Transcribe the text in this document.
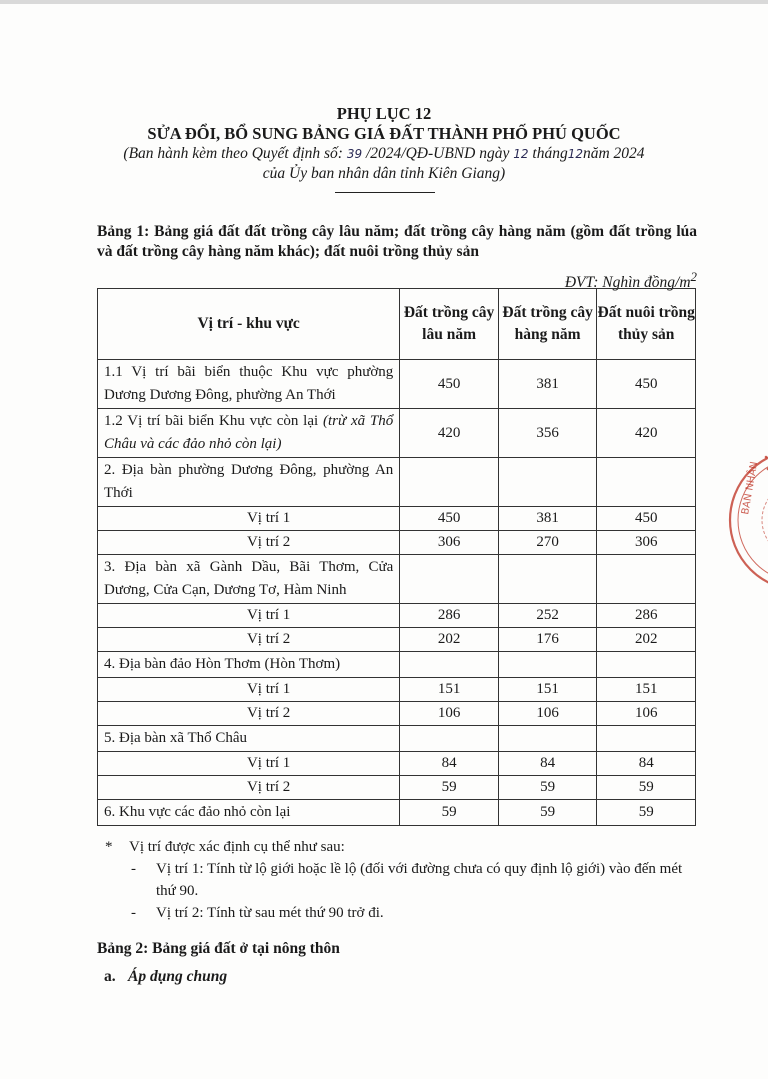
PHỤ LỤC 12
SỬA ĐỔI, BỔ SUNG BẢNG GIÁ ĐẤT THÀNH PHỐ PHÚ QUỐC
(Ban hành kèm theo Quyết định số: 39 /2024/QĐ-UBND ngày 12 tháng12năm 2024
của Ủy ban nhân dân tỉnh Kiên Giang)
Bảng 1: Bảng giá đất đất trồng cây lâu năm; đất trồng cây hàng năm (gồm đất trồng lúa và đất trồng cây hàng năm khác); đất nuôi trồng thủy sản
ĐVT: Nghìn đồng/$m^2$
Vị trí - khu vực	Đất trồng cây lâu năm	Đất trồng cây hàng năm	Đất nuôi trồng thủy sản
1.1 Vị trí bãi biển thuộc Khu vực phường Dương Dương Đông, phường An Thới	450	381	450
1.2 Vị trí bãi biển Khu vực còn lại (trừ xã Thổ Châu và các đảo nhỏ còn lại)	420	356	420
2. Địa bàn phường Dương Đông, phường An Thới			
Vị trí 1	450	381	450
Vị trí 2	306	270	306
3. Địa bàn xã Gành Dầu, Bãi Thơm, Cửa Dương, Cửa Cạn, Dương Tơ, Hàm Ninh			
Vị trí 1	286	252	286
Vị trí 2	202	176	202
4. Địa bàn đảo Hòn Thơm (Hòn Thơm)			
Vị trí 1	151	151	151
Vị trí 2	106	106	106
5. Địa bàn xã Thổ Châu			
Vị trí 1	84	84	84
Vị trí 2	59	59	59
6. Khu vực các đảo nhỏ còn lại	59	59	59
*	Vị trí được xác định cụ thể như sau:
-	Vị trí 1: Tính từ lộ giới hoặc lề lộ (đối với đường chưa có quy định lộ giới) vào đến mét thứ 90.
-	Vị trí 2: Tính từ sau mét thứ 90 trở đi.
Bảng 2: Bảng giá đất ở tại nông thôn
a. Áp dụng chung
BAN NHÂN
